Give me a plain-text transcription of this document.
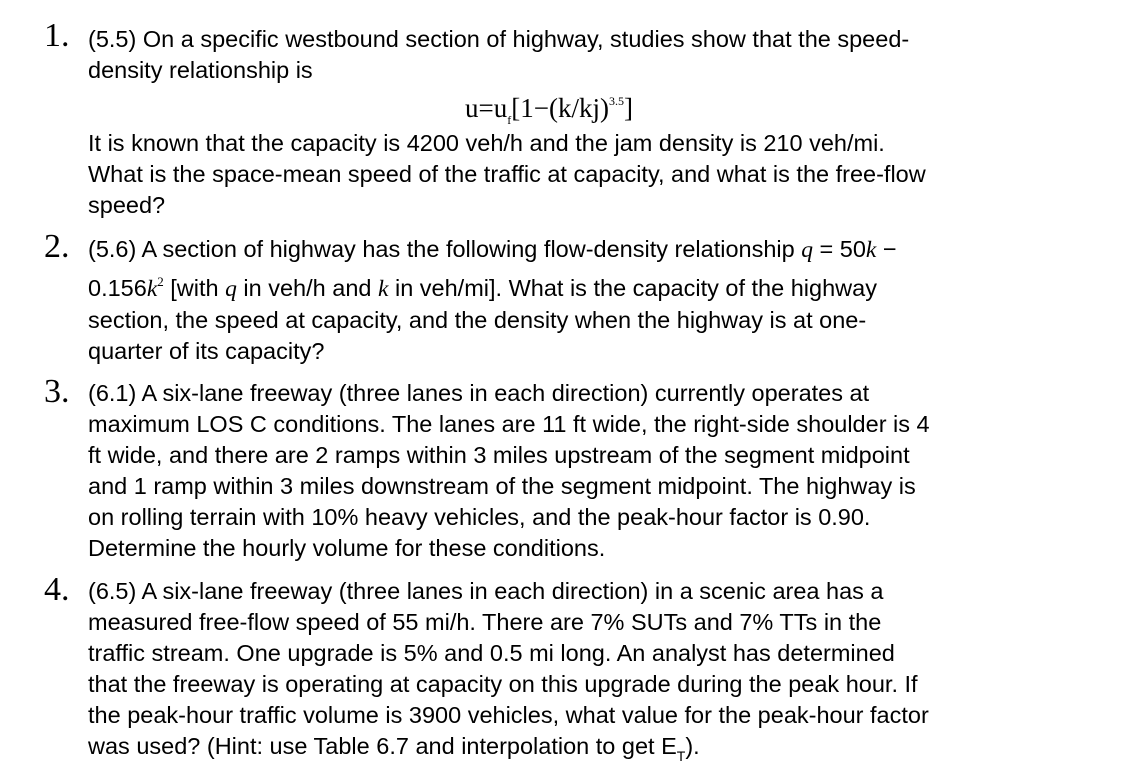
1. (5.5) On a specific westbound section of highway, studies show that the speed-

density relationship is

$u=u_f[1-(k/kj)^{3.5}]$

It is known that the capacity is 4200 veh/h and the jam density is 210 veh/mi.

What is the space-mean speed of the traffic at capacity, and what is the free-flow

speed?

2. (5.6) A section of highway has the following flow-density relationship q = 50k −

$0.156k^2$ [with q in veh/h and k in veh/mi]. What is the capacity of the highway

section, the speed at capacity, and the density when the highway is at one-

quarter of its capacity?

3. (6.1) A six-lane freeway (three lanes in each direction) currently operates at

maximum LOS C conditions. The lanes are 11 ft wide, the right-side shoulder is 4

ft wide, and there are 2 ramps within 3 miles upstream of the segment midpoint

and 1 ramp within 3 miles downstream of the segment midpoint. The highway is

on rolling terrain with 10% heavy vehicles, and the peak-hour factor is 0.90.

Determine the hourly volume for these conditions.

4. (6.5) A six-lane freeway (three lanes in each direction) in a scenic area has a

measured free-flow speed of 55 mi/h. There are 7% SUTs and 7% TTs in the

traffic stream. One upgrade is 5% and 0.5 mi long. An analyst has determined

that the freeway is operating at capacity on this upgrade during the peak hour. If

the peak-hour traffic volume is 3900 vehicles, what value for the peak-hour factor

was used? (Hint: use Table 6.7 and interpolation to get $E_T$).
